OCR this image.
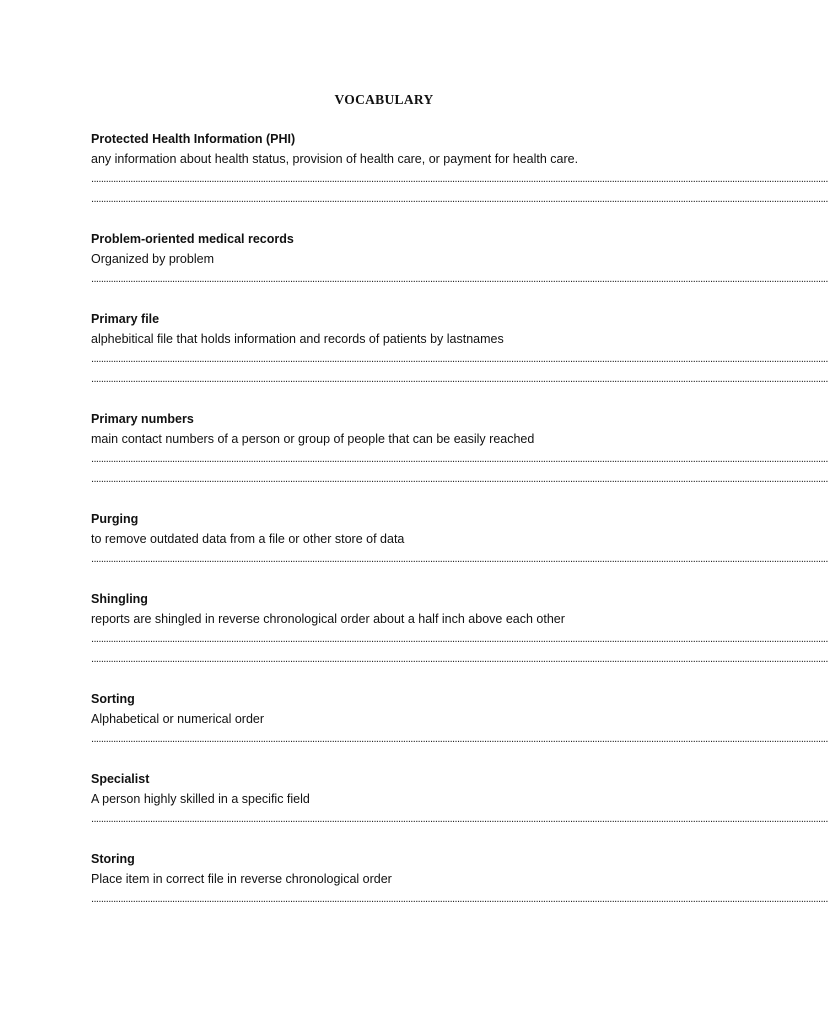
VOCABULARY
Protected Health Information (PHI)
any information about health status, provision of health care, or payment for health care.
............................................................................................................................................................................................................................................................................................................
............................................................................................................................................................................................................................................................................................................
Problem-oriented medical records
Organized by problem
............................................................................................................................................................................................................................................................................................................
Primary file
alphebitical file that holds information and records of patients by lastnames
............................................................................................................................................................................................................................................................................................................
............................................................................................................................................................................................................................................................................................................
Primary numbers
main contact numbers of a person or group of people that can be easily reached
............................................................................................................................................................................................................................................................................................................
............................................................................................................................................................................................................................................................................................................
Purging
to remove outdated data from a file or other store of data
............................................................................................................................................................................................................................................................................................................
Shingling
reports are shingled in reverse chronological order about a half inch above each other
............................................................................................................................................................................................................................................................................................................
............................................................................................................................................................................................................................................................................................................
Sorting
Alphabetical or numerical order
............................................................................................................................................................................................................................................................................................................
Specialist
A person highly skilled in a specific field
............................................................................................................................................................................................................................................................................................................
Storing
Place item in correct file in reverse chronological order
............................................................................................................................................................................................................................................................................................................
